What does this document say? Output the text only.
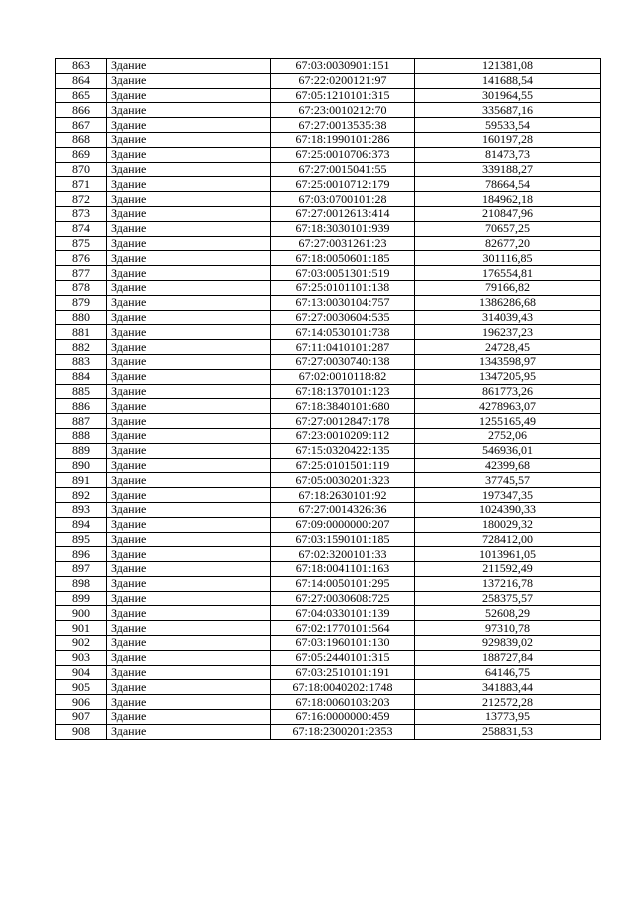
863	Здание	67:03:0030901:151	121381,08
864	Здание	67:22:0200121:97	141688,54
865	Здание	67:05:1210101:315	301964,55
866	Здание	67:23:0010212:70	335687,16
867	Здание	67:27:0013535:38	59533,54
868	Здание	67:18:1990101:286	160197,28
869	Здание	67:25:0010706:373	81473,73
870	Здание	67:27:0015041:55	339188,27
871	Здание	67:25:0010712:179	78664,54
872	Здание	67:03:0700101:28	184962,18
873	Здание	67:27:0012613:414	210847,96
874	Здание	67:18:3030101:939	70657,25
875	Здание	67:27:0031261:23	82677,20
876	Здание	67:18:0050601:185	301116,85
877	Здание	67:03:0051301:519	176554,81
878	Здание	67:25:0101101:138	79166,82
879	Здание	67:13:0030104:757	1386286,68
880	Здание	67:27:0030604:535	314039,43
881	Здание	67:14:0530101:738	196237,23
882	Здание	67:11:0410101:287	24728,45
883	Здание	67:27:0030740:138	1343598,97
884	Здание	67:02:0010118:82	1347205,95
885	Здание	67:18:1370101:123	861773,26
886	Здание	67:18:3840101:680	4278963,07
887	Здание	67:27:0012847:178	1255165,49
888	Здание	67:23:0010209:112	2752,06
889	Здание	67:15:0320422:135	546936,01
890	Здание	67:25:0101501:119	42399,68
891	Здание	67:05:0030201:323	37745,57
892	Здание	67:18:2630101:92	197347,35
893	Здание	67:27:0014326:36	1024390,33
894	Здание	67:09:0000000:207	180029,32
895	Здание	67:03:1590101:185	728412,00
896	Здание	67:02:3200101:33	1013961,05
897	Здание	67:18:0041101:163	211592,49
898	Здание	67:14:0050101:295	137216,78
899	Здание	67:27:0030608:725	258375,57
900	Здание	67:04:0330101:139	52608,29
901	Здание	67:02:1770101:564	97310,78
902	Здание	67:03:1960101:130	929839,02
903	Здание	67:05:2440101:315	188727,84
904	Здание	67:03:2510101:191	64146,75
905	Здание	67:18:0040202:1748	341883,44
906	Здание	67:18:0060103:203	212572,28
907	Здание	67:16:0000000:459	13773,95
908	Здание	67:18:2300201:2353	258831,53
